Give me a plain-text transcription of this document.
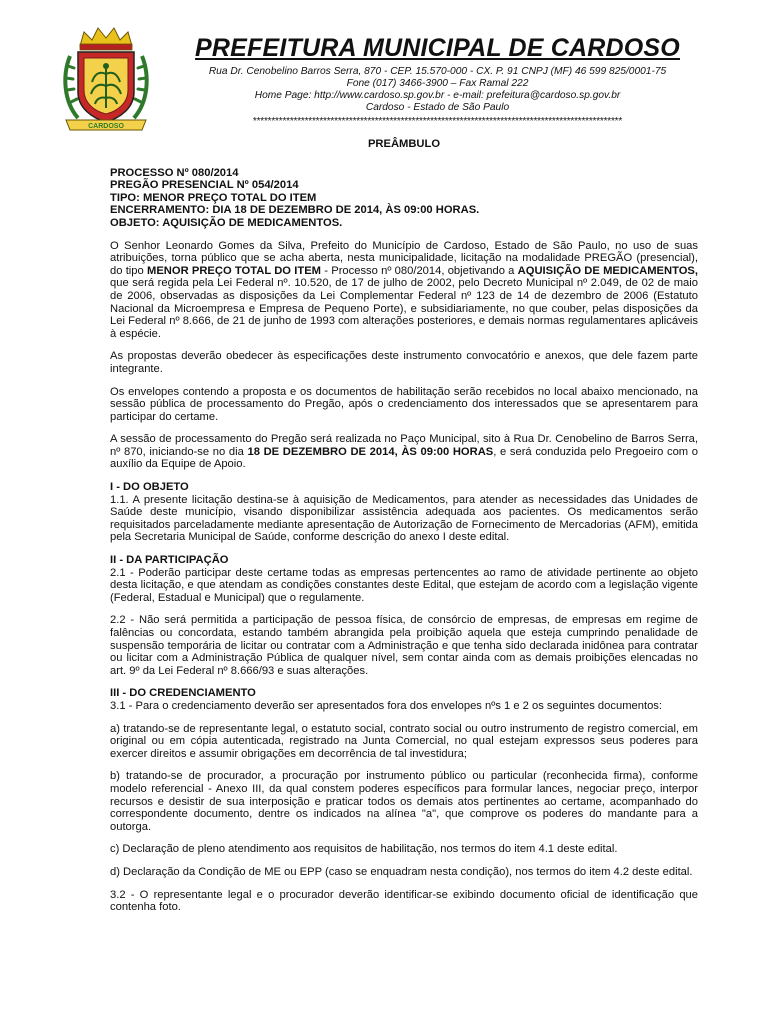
CARDOSO
PREFEITURA MUNICIPAL DE CARDOSO
Rua Dr. Cenobelino Barros Serra, 870 - CEP. 15.570-000 - CX. P. 91 CNPJ (MF) 46 599 825/0001-75
Fone (017) 3466-3900 – Fax Ramal 222
Home Page: http://www.cardoso.sp.gov.br - e-mail: prefeitura@cardoso.sp.gov.br
Cardoso - Estado de São Paulo
****************************************************************************************************
PREÂMBULO
PROCESSO Nº 080/2014
PREGÃO PRESENCIAL Nº 054/2014
TIPO: MENOR PREÇO TOTAL DO ITEM
ENCERRAMENTO: DIA 18 DE DEZEMBRO DE 2014, ÀS 09:00 HORAS.
OBJETO: AQUISIÇÃO DE MEDICAMENTOS.

O Senhor Leonardo Gomes da Silva, Prefeito do Município de Cardoso, Estado de São Paulo, no uso de suas atribuições, torna público que se acha aberta, nesta municipalidade, licitação na modalidade PREGÃO (presencial), do tipo MENOR PREÇO TOTAL DO ITEM - Processo nº 080/2014, objetivando a AQUISIÇÃO DE MEDICAMENTOS, que será regida pela Lei Federal nº. 10.520, de 17 de julho de 2002, pelo Decreto Municipal nº 2.049, de 02 de maio de 2006, observadas as disposições da Lei Complementar Federal nº 123 de 14 de dezembro de 2006 (Estatuto Nacional da Microempresa e Empresa de Pequeno Porte), e subsidiariamente, no que couber, pelas disposições da Lei Federal nº 8.666, de 21 de junho de 1993 com alterações posteriores, e demais normas regulamentares aplicáveis à espécie.

As propostas deverão obedecer às especificações deste instrumento convocatório e anexos, que dele fazem parte integrante.

Os envelopes contendo a proposta e os documentos de habilitação serão recebidos no local abaixo mencionado, na sessão pública de processamento do Pregão, após o credenciamento dos interessados que se apresentarem para participar do certame.

A sessão de processamento do Pregão será realizada no Paço Municipal, sito à Rua Dr. Cenobelino de Barros Serra, nº 870, iniciando-se no dia 18 DE DEZEMBRO DE 2014, ÀS 09:00 HORAS, e será conduzida pelo Pregoeiro com o auxílio da Equipe de Apoio.

I - DO OBJETO

1.1. A presente licitação destina-se à aquisição de Medicamentos, para atender as necessidades das Unidades de Saúde deste município, visando disponibilizar assistência adequada aos pacientes. Os medicamentos serão requisitados parceladamente mediante apresentação de Autorização de Fornecimento de Mercadorias (AFM), emitida pela Secretaria Municipal de Saúde, conforme descrição do anexo I deste edital.

II - DA PARTICIPAÇÃO

2.1 - Poderão participar deste certame todas as empresas pertencentes ao ramo de atividade pertinente ao objeto desta licitação, e que atendam as condições constantes deste Edital, que estejam de acordo com a legislação vigente (Federal, Estadual e Municipal) que o regulamente.

2.2 - Não será permitida a participação de pessoa física, de consórcio de empresas, de empresas em regime de falências ou concordata, estando também abrangida pela proibição aquela que esteja cumprindo penalidade de suspensão temporária de licitar ou contratar com a Administração e que tenha sido declarada inidônea para contratar ou licitar com a Administração Pública de qualquer nível, sem contar ainda com as demais proibições elencadas no art. 9º da Lei Federal nº 8.666/93 e suas alterações.

III - DO CREDENCIAMENTO

3.1 - Para o credenciamento deverão ser apresentados fora dos envelopes nºs 1 e 2 os seguintes documentos:

a) tratando-se de representante legal, o estatuto social, contrato social ou outro instrumento de registro comercial, em original ou em cópia autenticada, registrado na Junta Comercial, no qual estejam expressos seus poderes para exercer direitos e assumir obrigações em decorrência de tal investidura;

b) tratando-se de procurador, a procuração por instrumento público ou particular (reconhecida firma), conforme modelo referencial - Anexo III, da qual constem poderes específicos para formular lances, negociar preço, interpor recursos e desistir de sua interposição e praticar todos os demais atos pertinentes ao certame, acompanhado do correspondente documento, dentre os indicados na alínea "a", que comprove os poderes do mandante para a outorga.

c) Declaração de pleno atendimento aos requisitos de habilitação, nos termos do item 4.1 deste edital.

d) Declaração da Condição de ME ou EPP (caso se enquadram nesta condição), nos termos do item 4.2 deste edital.

3.2 - O representante legal e o procurador deverão identificar-se exibindo documento oficial de identificação que contenha foto.
